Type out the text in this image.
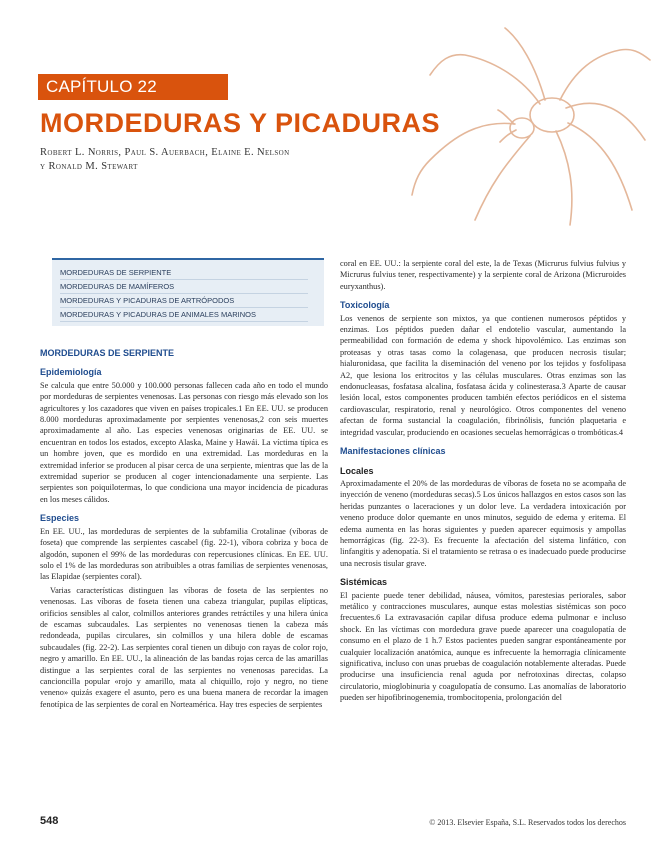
CAPÍTULO 22
MORDEDURAS Y PICADURAS
Robert L. Norris, Paul S. Auerbach, Elaine E. Nelson
y Ronald M. Stewart
MORDEDURAS DE SERPIENTE
MORDEDURAS DE MAMÍFEROS
MORDEDURAS Y PICADURAS DE ARTRÓPODOS
MORDEDURAS Y PICADURAS DE ANIMALES MARINOS
MORDEDURAS DE SERPIENTE
Epidemiología

Se calcula que entre 50.000 y 100.000 personas fallecen cada año en todo el mundo por mordeduras de serpientes venenosas. Las personas con riesgo más elevado son los agricultores y los cazadores que viven en países tropicales.1 En EE. UU. se producen 8.000 mordeduras aproximadamente por serpientes venenosas,2 con seis muertes aproximadamente al año. Las especies venenosas originarias de EE. UU. se encuentran en todos los estados, excepto Alaska, Maine y Hawái. La víctima típica es un hombre joven, que es mordido en una extremidad. Las mordeduras en la extremidad inferior se producen al pisar cerca de una serpiente, mientras que las de la extremidad superior se producen al coger intencionadamente una serpiente. Las serpientes son poiquilotermas, lo que condiciona una mayor incidencia de picaduras en los meses cálidos.

Especies

En EE. UU., las mordeduras de serpientes de la subfamilia Crotalinae (víboras de foseta) que comprende las serpientes cascabel (fig. 22-1), víbora cobriza y boca de algodón, suponen el 99% de las mordeduras con repercusiones clínicas. En EE. UU. solo el 1% de las mordeduras son atribuibles a otras familias de serpientes venenosas, las Elapidae (serpientes coral).

Varias características distinguen las víboras de foseta de las serpientes no venenosas. Las víboras de foseta tienen una cabeza triangular, pupilas elípticas, orificios sensibles al calor, colmillos anteriores grandes retráctiles y una hilera única de escamas subcaudales. Las serpientes no venenosas tienen la cabeza más redondeada, pupilas circulares, sin colmillos y una hilera doble de escamas subcaudales (fig. 22-2). Las serpientes coral tienen un dibujo con rayas de color rojo, negro y amarillo. En EE. UU., la alineación de las bandas rojas cerca de las amarillas distingue a las serpientes coral de las serpientes no venenosas parecidas. La cancioncilla popular «rojo y amarillo, mata al chiquillo, rojo y negro, no tiene veneno» quizás exagere el asunto, pero es una buena manera de recordar la imagen fenotípica de las serpientes de coral en Norteamérica. Hay tres especies de serpientes

coral en EE. UU.: la serpiente coral del este, la de Texas (Micrurus fulvius fulvius y Micrurus fulvius tener, respectivamente) y la serpiente coral de Arizona (Micruroides euryxanthus).

Toxicología

Los venenos de serpiente son mixtos, ya que contienen numerosos péptidos y enzimas. Los péptidos pueden dañar el endotelio vascular, aumentando la permeabilidad con formación de edema y shock hipovolémico. Las enzimas son proteasas y otras tasas como la colagenasa, que producen necrosis tisular; hialuronidasa, que facilita la diseminación del veneno por los tejidos y fosfolipasa A2, que lesiona los eritrocitos y las células musculares. Otras enzimas son las endonucleasas, fosfatasa alcalina, fosfatasa ácida y colinesterasa.3 Aparte de causar lesión local, estos componentes producen también efectos periódicos en el sistema cardiovascular, respiratorio, renal y neurológico. Otros componentes del veneno afectan de forma sustancial la coagulación, fibrinólisis, función plaquetaria e integridad vascular, produciendo en ocasiones secuelas hemorrágicas o trombóticas.4

Manifestaciones clínicas
Locales

Aproximadamente el 20% de las mordeduras de víboras de foseta no se acompaña de inyección de veneno (mordeduras secas).5 Los únicos hallazgos en estos casos son las heridas punzantes o laceraciones y un dolor leve. La verdadera intoxicación por veneno produce dolor quemante en unos minutos, seguido de edema y eritema. El edema aumenta en las horas siguientes y pueden aparecer equimosis y ampollas hemorrágicas (fig. 22-3). Es frecuente la afectación del sistema linfático, con linfangitis y adenopatía. Si el tratamiento se retrasa o es inadecuado puede producirse una necrosis tisular grave.

Sistémicas

El paciente puede tener debilidad, náusea, vómitos, parestesias periorales, sabor metálico y contracciones musculares, aunque estas molestias sistémicas son poco frecuentes.6 La extravasación capilar difusa produce edema pulmonar e incluso shock. En las víctimas con mordedura grave puede aparecer una coagulopatía de consumo en el plazo de 1 h.7 Estos pacientes pueden sangrar espontáneamente por cualquier localización anatómica, aunque es infrecuente la hemorragia clínicamente significativa, incluso con unas pruebas de coagulación notablemente alteradas. Puede producirse una insuficiencia renal aguda por nefrotoxinas directas, colapso circulatorio, mioglobinuria y coagulopatía de consumo. Las anomalías de laboratorio pueden ser hipofibrinogenemia, trombocitopenia, prolongación del

548	© 2013. Elsevier España, S.L. Reservados todos los derechos
